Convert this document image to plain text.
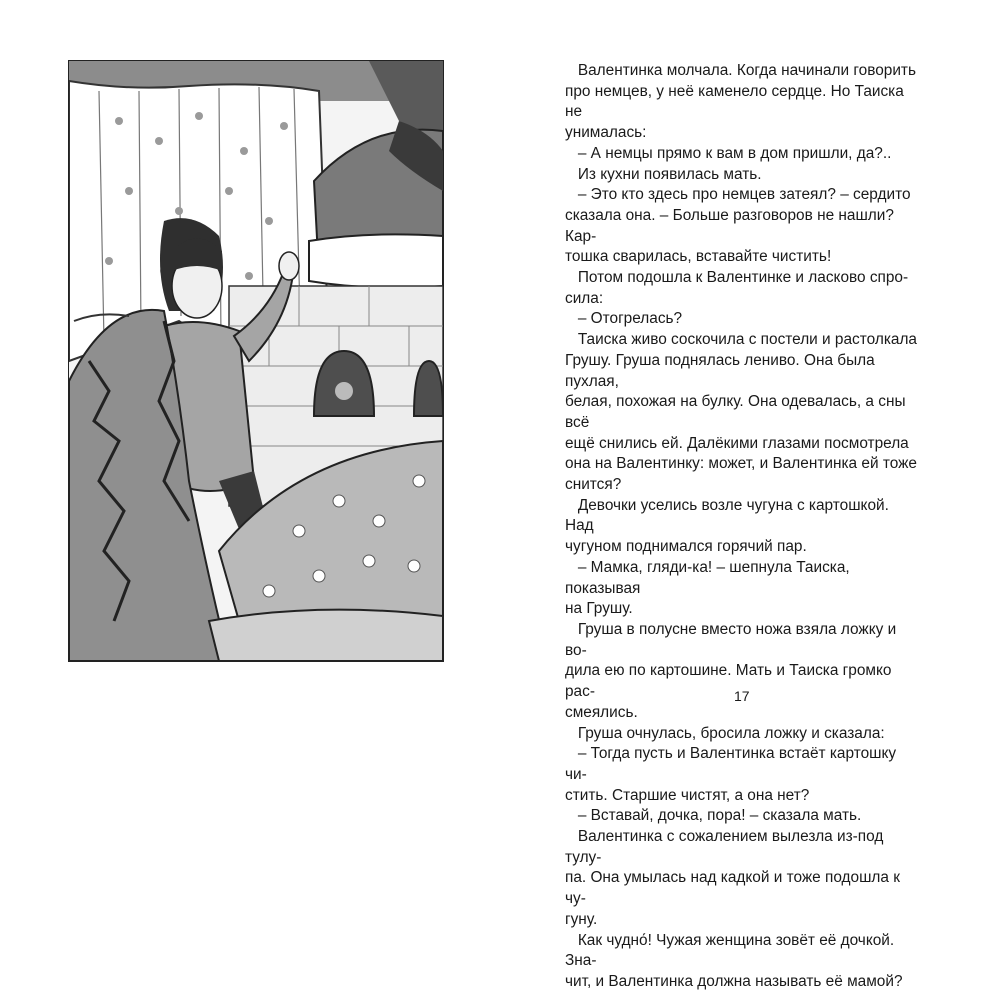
Валентинка молчала. Когда начинали говорить

про немцев, у неё каменело сердце. Но Таиска не

унималась:

– А немцы прямо к вам в дом пришли, да?..

Из кухни появилась мать.

– Это кто здесь про немцев затеял? – сердито

сказала она. – Больше разговоров не нашли? Кар-

тошка сварилась, вставайте чистить!

Потом подошла к Валентинке и ласково спро-

сила:

– Отогрелась?

Таиска живо соскочила с постели и растолкала

Грушу. Груша поднялась лениво. Она была пухлая,

белая, похожая на булку. Она одевалась, а сны всё

ещё снились ей. Далёкими глазами посмотрела

она на Валентинку: может, и Валентинка ей тоже

снится?

Девочки уселись возле чугуна с картошкой. Над

чугуном поднимался горячий пар.

– Мамка, гляди-ка! – шепнула Таиска, показывая

на Грушу.

Груша в полусне вместо ножа взяла ложку и во-

дила ею по картошине. Мать и Таиска громко рас-

смеялись.

Груша очнулась, бросила ложку и сказала:

– Тогда пусть и Валентинка встаёт картошку чи-

стить. Старшие чистят, а она нет?

– Вставай, дочка, пора! – сказала мать.

Валентинка с сожалением вылезла из-под тулу-

па. Она умылась над кадкой и тоже подошла к чу-

гуну.

Как чудно́! Чужая женщина зовёт её дочкой. Зна-

чит, и Валентинка должна называть её мамой?

17
